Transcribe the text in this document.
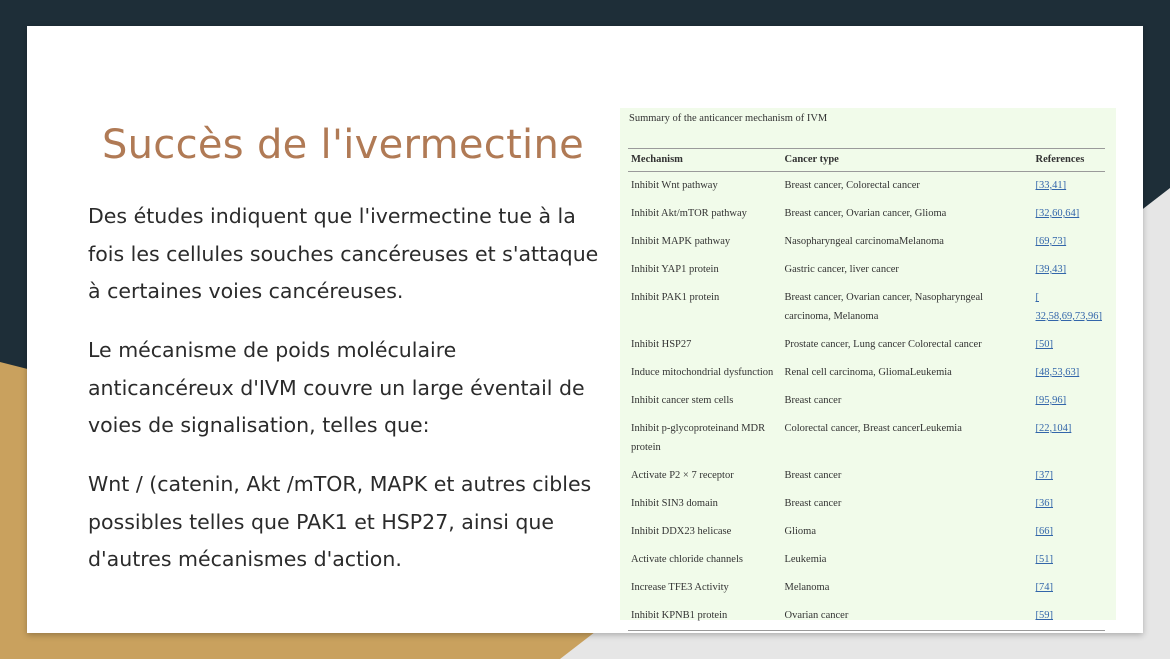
Succès de l'ivermectine
Des études indiquent que l'ivermectine tue à la fois les cellules souches cancéreuses et s'attaque à certaines voies cancéreuses.
Le mécanisme de poids moléculaire anticancéreux d'IVM couvre un large éventail de voies de signalisation, telles que:
Wnt / (catenin, Akt /mTOR, MAPK et autres cibles possibles telles que PAK1 et HSP27, ainsi que d'autres mécanismes d'action.
Summary of the anticancer mechanism of IVM
Mechanism	Cancer type	References
Inhibit Wnt pathway	Breast cancer, Colorectal cancer	[33,41]
Inhibit Akt/mTOR pathway	Breast cancer, Ovarian cancer, Glioma	[32,60,64]
Inhibit MAPK pathway	Nasopharyngeal carcinomaMelanoma	[69,73]
Inhibit YAP1 protein	Gastric cancer, liver cancer	[39,43]
Inhibit PAK1 protein	Breast cancer, Ovarian cancer, Nasopharyngeal carcinoma, Melanoma	[ 32,58,69,73,96]
Inhibit HSP27	Prostate cancer, Lung cancer Colorectal cancer	[50]
Induce mitochondrial dysfunction	Renal cell carcinoma, GliomaLeukemia	[48,53,63]
Inhibit cancer stem cells	Breast cancer	[95,96]
Inhibit p-glycoproteinand MDR protein	Colorectal cancer, Breast cancerLeukemia	[22,104]
Activate P2 × 7 receptor	Breast cancer	[37]
Inhibit SIN3 domain	Breast cancer	[36]
Inhibit DDX23 helicase	Glioma	[66]
Activate chloride channels	Leukemia	[51]
Increase TFE3 Activity	Melanoma	[74]
Inhibit KPNB1 protein	Ovarian cancer	[59]
